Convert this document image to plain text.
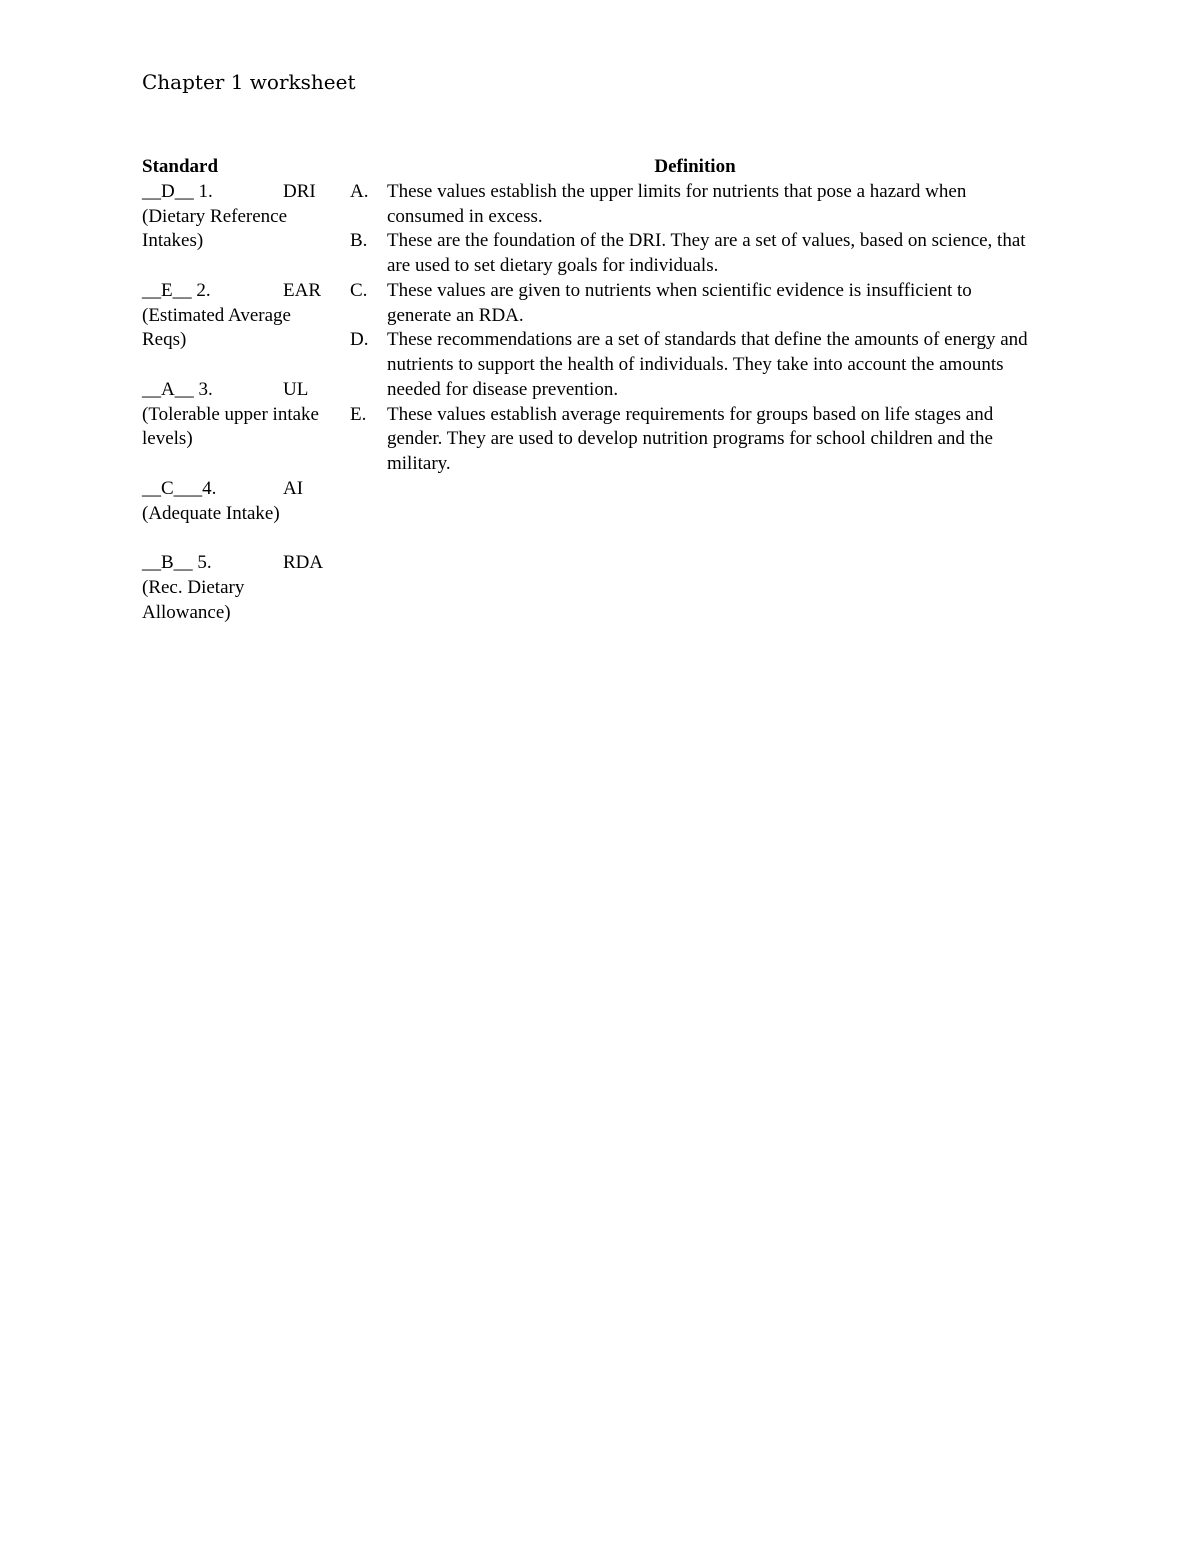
Chapter 1 worksheet
Standard
__D__ 1.	DRI
(Dietary Reference Intakes)
__E__ 2.	EAR
(Estimated Average Reqs)
__A__ 3.	UL
(Tolerable upper intake levels)
__C___4.	AI
(Adequate Intake)
__B__ 5.	RDA
(Rec. Dietary Allowance)
Definition
A. These values establish the upper limits for nutrients that pose a hazard when consumed in excess.
B. These are the foundation of the DRI. They are a set of values, based on science, that are used to set dietary goals for individuals.
C. These values are given to nutrients when scientific evidence is insufficient to generate an RDA.
D. These recommendations are a set of standards that define the amounts of energy and nutrients to support the health of individuals. They take into account the amounts needed for disease prevention.
E. These values establish average requirements for groups based on life stages and gender. They are used to develop nutrition programs for school children and the military.
